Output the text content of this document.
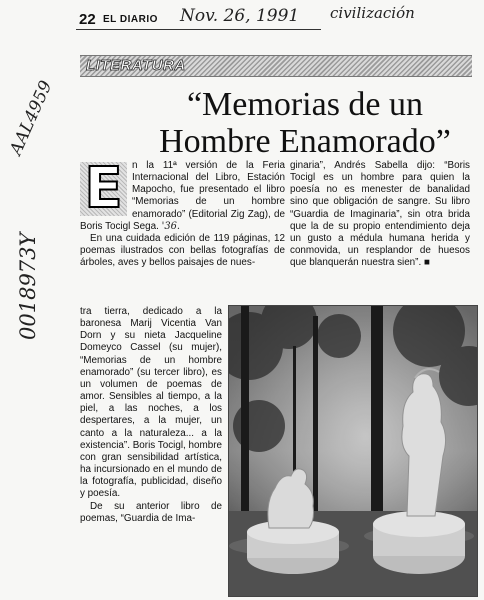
22 EL DIARIO Nov. 26, 1991 civilización
LITERATURA
AAL4959
0018973Y
“Memorias de un
Hombre Enamorado”
E n la 11ª versión de la Feria Internacional del Libro, Estación Mapocho, fue presentado el libro “Memorias de un hombre enamorado” (Editorial Zig Zag), de Boris Tocigl Sega. '36.

En una cuidada edición de 119 páginas, 12 poemas ilustrados con bellas fotografías de árboles, aves y bellos paisajes de nues-

tra tierra, dedicado a la baronesa Marij Vicentia Van Dorn y su nieta Jacqueline Domeyco Cassel (su mujer), “Memorias de un hombre enamorado” (su tercer libro), es un volumen de poemas de amor. Sensibles al tiempo, a la piel, a las noches, a los despertares, a la mujer, un canto a la naturaleza... a la existencia”. Boris Tocigl, hombre con gran sensibilidad artística, ha incursionado en el mundo de la fotografía, publicidad, diseño y poesía.

De su anterior libro de poemas, “Guardia de Ima-

ginaria”, Andrés Sabella dijo: “Boris Tocigl es un hombre para quien la poesía no es menester de banalidad sino que obligación de sangre. Su libro “Guardia de Imaginaria”, sin otra brida que la de su propio entendimiento deja un gusto a médula humana herida y conmovida, un resplandor de huesos que blanquerán nuestra sien”. ■
